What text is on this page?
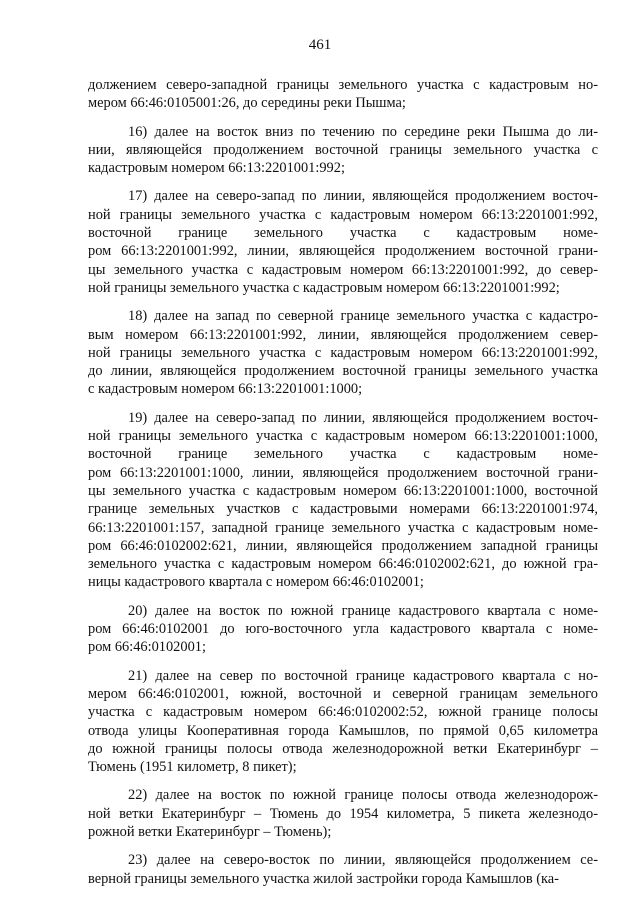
461
должением северо-западной границы земельного участка с кадастровым но-
мером 66:46:0105001:26, до середины реки Пышма;
16) далее на восток вниз по течению по середине реки Пышма до ли-
нии, являющейся продолжением восточной границы земельного участка с
кадастровым номером 66:13:2201001:992;
17) далее на северо-запад по линии, являющейся продолжением восточ-
ной границы земельного участка с кадастровым номером 66:13:2201001:992,
восточной границе земельного участка с кадастровым номе-
ром 66:13:2201001:992, линии, являющейся продолжением восточной грани-
цы земельного участка с кадастровым номером 66:13:2201001:992, до север-
ной границы земельного участка с кадастровым номером 66:13:2201001:992;
18) далее на запад по северной границе земельного участка с кадастро-
вым номером 66:13:2201001:992, линии, являющейся продолжением север-
ной границы земельного участка с кадастровым номером 66:13:2201001:992,
до линии, являющейся продолжением восточной границы земельного участка
с кадастровым номером 66:13:2201001:1000;
19) далее на северо-запад по линии, являющейся продолжением восточ-
ной границы земельного участка с кадастровым номером 66:13:2201001:1000,
восточной границе земельного участка с кадастровым номе-
ром 66:13:2201001:1000, линии, являющейся продолжением восточной грани-
цы земельного участка с кадастровым номером 66:13:2201001:1000, восточной
границе земельных участков с кадастровыми номерами 66:13:2201001:974,
66:13:2201001:157, западной границе земельного участка с кадастровым номе-
ром 66:46:0102002:621, линии, являющейся продолжением западной границы
земельного участка с кадастровым номером 66:46:0102002:621, до южной гра-
ницы кадастрового квартала с номером 66:46:0102001;
20) далее на восток по южной границе кадастрового квартала с номе-
ром 66:46:0102001 до юго-восточного угла кадастрового квартала с номе-
ром 66:46:0102001;
21) далее на север по восточной границе кадастрового квартала с но-
мером 66:46:0102001, южной, восточной и северной границам земельного
участка с кадастровым номером 66:46:0102002:52, южной границе полосы
отвода улицы Кооперативная города Камышлов, по прямой 0,65 километра
до южной границы полосы отвода железнодорожной ветки Екатеринбург –
Тюмень (1951 километр, 8 пикет);
22) далее на восток по южной границе полосы отвода железнодорож-
ной ветки Екатеринбург – Тюмень до 1954 километра, 5 пикета железнодо-
рожной ветки Екатеринбург – Тюмень);
23) далее на северо-восток по линии, являющейся продолжением се-
верной границы земельного участка жилой застройки города Камышлов (ка-
